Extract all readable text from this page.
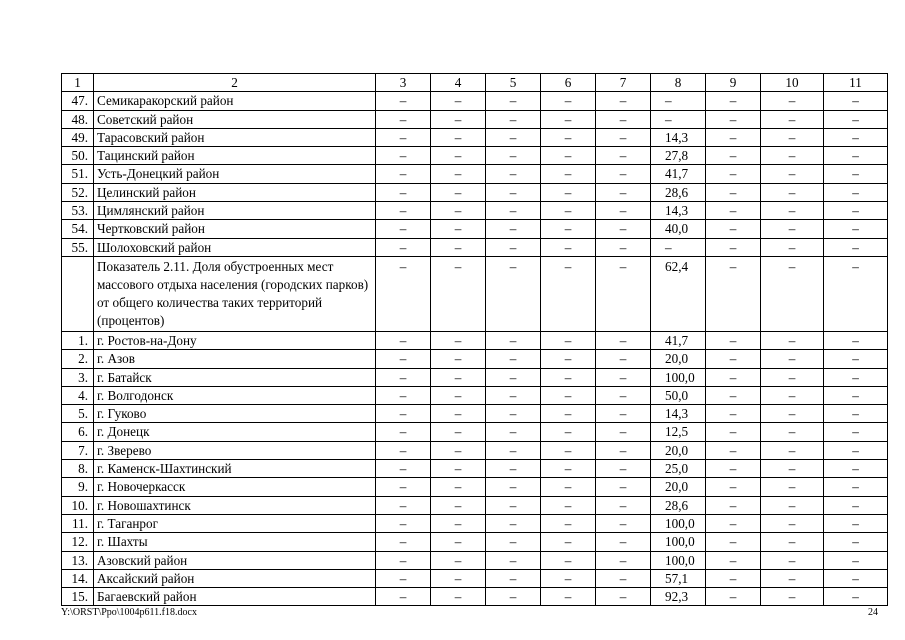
1	2	3	4	5	6	7	8	9	10	11
47.	Семикаракорский район	–	–	–	–	–	–	–	–	–
48.	Советский район	–	–	–	–	–	–	–	–	–
49.	Тарасовский район	–	–	–	–	–	14,3	–	–	–
50.	Тацинский район	–	–	–	–	–	27,8	–	–	–
51.	Усть-Донецкий район	–	–	–	–	–	41,7	–	–	–
52.	Целинский район	–	–	–	–	–	28,6	–	–	–
53.	Цимлянский район	–	–	–	–	–	14,3	–	–	–
54.	Чертковский район	–	–	–	–	–	40,0	–	–	–
55.	Шолоховский район	–	–	–	–	–	–	–	–	–
	Показатель 2.11. Доля обустроенных мест массового отдыха населения (городских парков) от общего количества таких территорий (процентов)	–	–	–	–	–	62,4	–	–	–
1.	г. Ростов-на-Дону	–	–	–	–	–	41,7	–	–	–
2.	г. Азов	–	–	–	–	–	20,0	–	–	–
3.	г. Батайск	–	–	–	–	–	100,0	–	–	–
4.	г. Волгодонск	–	–	–	–	–	50,0	–	–	–
5.	г. Гуково	–	–	–	–	–	14,3	–	–	–
6.	г. Донецк	–	–	–	–	–	12,5	–	–	–
7.	г. Зверево	–	–	–	–	–	20,0	–	–	–
8.	г. Каменск-Шахтинский	–	–	–	–	–	25,0	–	–	–
9.	г. Новочеркасск	–	–	–	–	–	20,0	–	–	–
10.	г. Новошахтинск	–	–	–	–	–	28,6	–	–	–
11.	г. Таганрог	–	–	–	–	–	100,0	–	–	–
12.	г. Шахты	–	–	–	–	–	100,0	–	–	–
13.	Азовский район	–	–	–	–	–	100,0	–	–	–
14.	Аксайский район	–	–	–	–	–	57,1	–	–	–
15.	Багаевский район	–	–	–	–	–	92,3	–	–	–
Y:\ORST\Ppo\1004p611.f18.docx	24
